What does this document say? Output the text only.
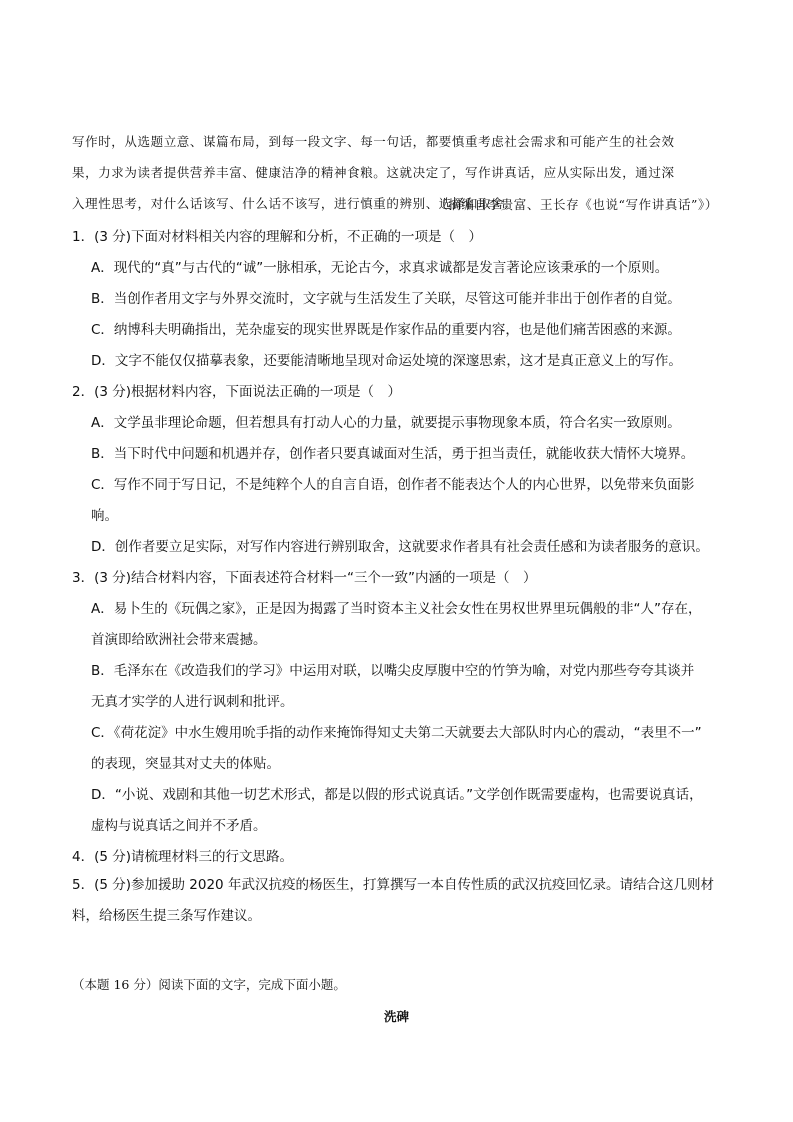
写作时，从选题立意、谋篇布局，到每一段文字、每一句话，都要慎重考虑社会需求和可能产生的社会效
果，力求为读者提供营养丰富、健康洁净的精神食粮。这就决定了，写作讲真话，应从实际出发，通过深
入理性思考，对什么话该写、什么话不该写，进行慎重的辨别、选择和取舍。
（摘编自李贵富、王长存《也说“写作讲真话”》）
1．(3 分)下面对材料相关内容的理解和分析，不正确的一项是（　）
A．现代的“真”与古代的“诚”一脉相承，无论古今，求真求诚都是发言著论应该秉承的一个原则。
B．当创作者用文字与外界交流时，文字就与生活发生了关联，尽管这可能并非出于创作者的自觉。
C．纳博科夫明确指出，芜杂虚妄的现实世界既是作家作品的重要内容，也是他们痛苦困惑的来源。
D．文字不能仅仅描摹表象，还要能清晰地呈现对命运处境的深邃思索，这才是真正意义上的写作。
2．(3 分)根据材料内容，下面说法正确的一项是（　）
A．文学虽非理论命题，但若想具有打动人心的力量，就要提示事物现象本质，符合名实一致原则。
B．当下时代中问题和机遇并存，创作者只要真诚面对生活，勇于担当责任，就能收获大情怀大境界。
C．写作不同于写日记，不是纯粹个人的自言自语，创作者不能表达个人的内心世界，以免带来负面影
响。
D．创作者要立足实际，对写作内容进行辨别取舍，这就要求作者具有社会责任感和为读者服务的意识。
3．(3 分)结合材料内容，下面表述符合材料一“三个一致”内涵的一项是（　）
A．易卜生的《玩偶之家》，正是因为揭露了当时资本主义社会女性在男权世界里玩偶般的非“人”存在，
首演即给欧洲社会带来震撼。
B．毛泽东在《改造我们的学习》中运用对联，以嘴尖皮厚腹中空的竹笋为喻，对党内那些夸夸其谈并
无真才实学的人进行讽刺和批评。
C．《荷花淀》中水生嫂用吮手指的动作来掩饰得知丈夫第二天就要去大部队时内心的震动，“表里不一”
的表现，突显其对丈夫的体贴。
D．“小说、戏剧和其他一切艺术形式，都是以假的形式说真话。”文学创作既需要虚构，也需要说真话，
虚构与说真话之间并不矛盾。
4．(5 分)请梳理材料三的行文思路。
5．(5 分)参加援助 2020 年武汉抗疫的杨医生，打算撰写一本自传性质的武汉抗疫回忆录。请结合这几则材
料，给杨医生提三条写作建议。
（本题 16 分）阅读下面的文字，完成下面小题。
洗碑
